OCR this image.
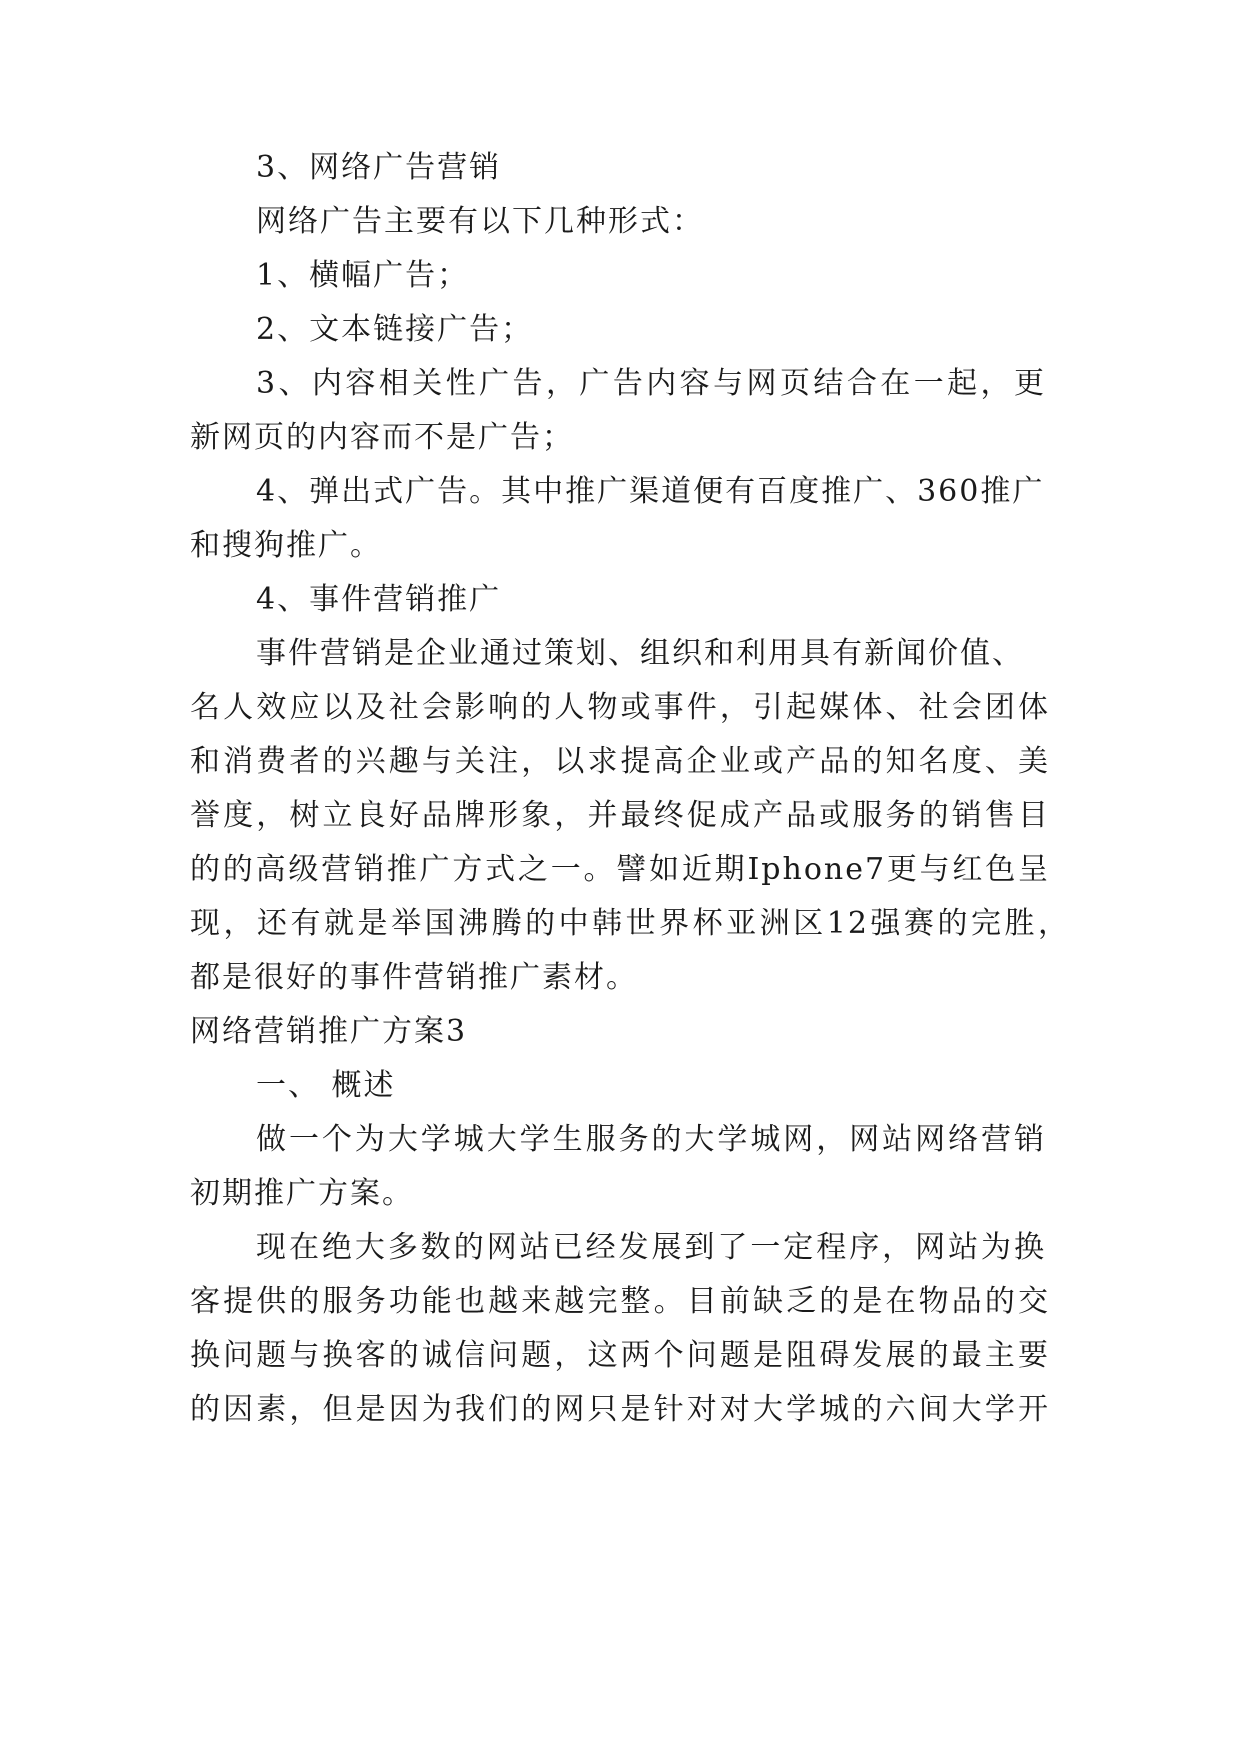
3、网络广告营销
网络广告主要有以下几种形式：
1、横幅广告；
2、文本链接广告；
3、内容相关性广告，广告内容与网页结合在一起，更
新网页的内容而不是广告；
4、弹出式广告。其中推广渠道便有百度推广、360推广
和搜狗推广。
4、事件营销推广
事件营销是企业通过策划、组织和利用具有新闻价值、
名人效应以及社会影响的人物或事件，引起媒体、社会团体
和消费者的兴趣与关注，以求提高企业或产品的知名度、美
誉度，树立良好品牌形象，并最终促成产品或服务的销售目
的的高级营销推广方式之一。譬如近期Iphone7更与红色呈
现，还有就是举国沸腾的中韩世界杯亚洲区12强赛的完胜，
都是很好的事件营销推广素材。
网络营销推广方案3
一、 概述
做一个为大学城大学生服务的大学城网，网站网络营销
初期推广方案。
现在绝大多数的网站已经发展到了一定程序，网站为换
客提供的服务功能也越来越完整。目前缺乏的是在物品的交
换问题与换客的诚信问题，这两个问题是阻碍发展的最主要
的因素，但是因为我们的网只是针对对大学城的六间大学开
